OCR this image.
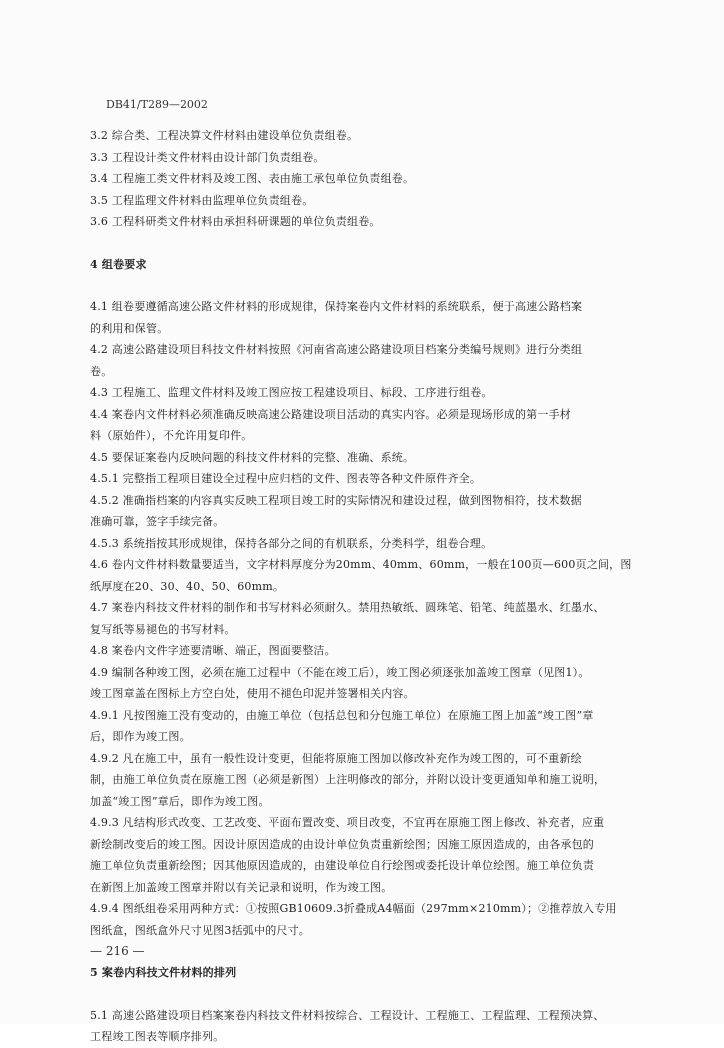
DB41/T289—2002
3.2 综合类、工程决算文件材料由建设单位负责组卷。
3.3 工程设计类文件材料由设计部门负责组卷。
3.4 工程施工类文件材料及竣工图、表由施工承包单位负责组卷。
3.5 工程监理文件材料由监理单位负责组卷。
3.6 工程科研类文件材料由承担科研课题的单位负责组卷。
4 组卷要求
4.1 组卷要遵循高速公路文件材料的形成规律，保持案卷内文件材料的系统联系，便于高速公路档案
的利用和保管。
4.2 高速公路建设项目科技文件材料按照《河南省高速公路建设项目档案分类编号规则》进行分类组
卷。
4.3 工程施工、监理文件材料及竣工图应按工程建设项目、标段、工序进行组卷。
4.4 案卷内文件材料必须准确反映高速公路建设项目活动的真实内容。必须是现场形成的第一手材
料（原始件），不允许用复印件。
4.5 要保证案卷内反映问题的科技文件材料的完整、准确、系统。
4.5.1 完整指工程项目建设全过程中应归档的文件、图表等各种文件原件齐全。
4.5.2 准确指档案的内容真实反映工程项目竣工时的实际情况和建设过程，做到图物相符，技术数据
准确可靠，签字手续完备。
4.5.3 系统指按其形成规律，保持各部分之间的有机联系，分类科学，组卷合理。
4.6 卷内文件材料数量要适当，文字材料厚度分为20mm、40mm、60mm，一般在100页—600页之间，图
纸厚度在20、30、40、50、60mm。
4.7 案卷内科技文件材料的制作和书写材料必须耐久。禁用热敏纸、圆珠笔、铅笔、纯蓝墨水、红墨水、
复写纸等易褪色的书写材料。
4.8 案卷内文件字迹要清晰、端正，图面要整洁。
4.9 编制各种竣工图，必须在施工过程中（不能在竣工后），竣工图必须逐张加盖竣工图章（见图1）。
竣工图章盖在图标上方空白处，使用不褪色印泥并签署相关内容。
4.9.1 凡按图施工没有变动的，由施工单位（包括总包和分包施工单位）在原施工图上加盖“竣工图”章
后，即作为竣工图。
4.9.2 凡在施工中，虽有一般性设计变更，但能将原施工图加以修改补充作为竣工图的，可不重新绘
制，由施工单位负责在原施工图（必须是新图）上注明修改的部分，并附以设计变更通知单和施工说明，
加盖“竣工图”章后，即作为竣工图。
4.9.3 凡结构形式改变、工艺改变、平面布置改变、项目改变，不宜再在原施工图上修改、补充者，应重
新绘制改变后的竣工图。因设计原因造成的由设计单位负责重新绘图；因施工原因造成的，由各承包的
施工单位负责重新绘图；因其他原因造成的，由建设单位自行绘图或委托设计单位绘图。施工单位负责
在新图上加盖竣工图章并附以有关记录和说明，作为竣工图。
4.9.4 图纸组卷采用两种方式：①按照GB10609.3折叠成A4幅面（297mm×210mm）；②推荐放入专用
图纸盒，图纸盒外尺寸见图3括弧中的尺寸。
5 案卷内科技文件材料的排列
5.1 高速公路建设项目档案案卷内科技文件材料按综合、工程设计、工程施工、工程监理、工程预决算、
工程竣工图表等顺序排列。
— 216 —
